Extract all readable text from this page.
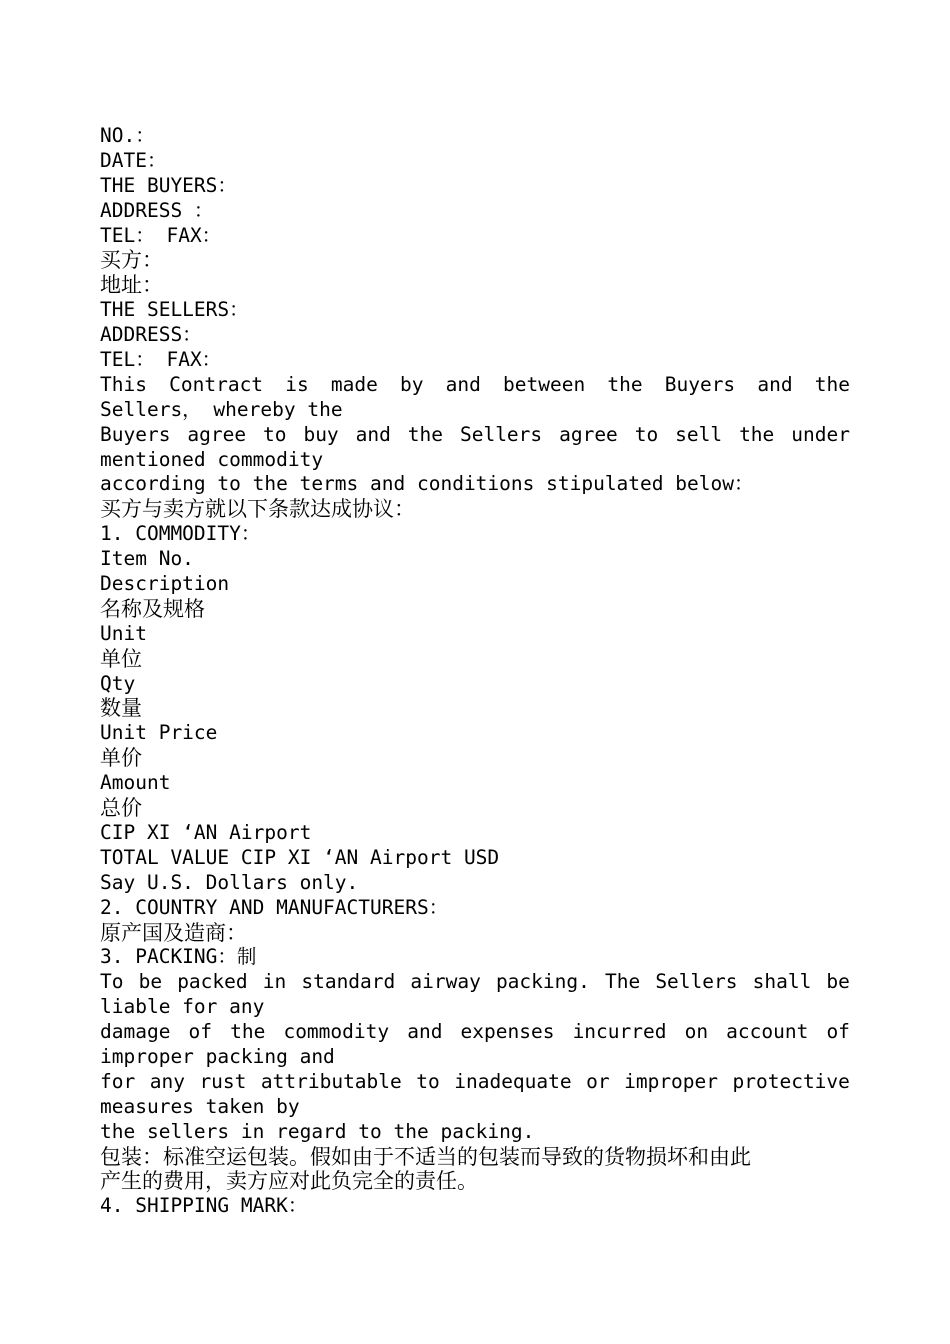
NO.：
DATE：
THE BUYERS：
ADDRESS ：
TEL： FAX：
买方：
地址：
THE SELLERS：
ADDRESS：
TEL： FAX：
This Contract is made by and between the Buyers and the
Sellers， whereby the
Buyers agree to buy and the Sellers agree to sell the under
mentioned commodity
according to the terms and conditions stipulated below：
买方与卖方就以下条款达成协议：
1. COMMODITY：
Item No.
Description
名称及规格
Unit
单位
Qty
数量
Unit Price
单价
Amount
总价
CIP XI ‘AN Airport
TOTAL VALUE CIP XI ‘AN Airport USD
Say U.S. Dollars only.
2. COUNTRY AND MANUFACTURERS：
原产国及造商：
3. PACKING：制
To be packed in standard airway packing. The Sellers shall be
liable for any
damage of the commodity and expenses incurred on account of
improper packing and
for any rust attributable to inadequate or improper protective
measures taken by
the sellers in regard to the packing.
包装：标准空运包装。假如由于不适当的包装而导致的货物损坏和由此
产生的费用，卖方应对此负完全的责任。
4. SHIPPING MARK：
